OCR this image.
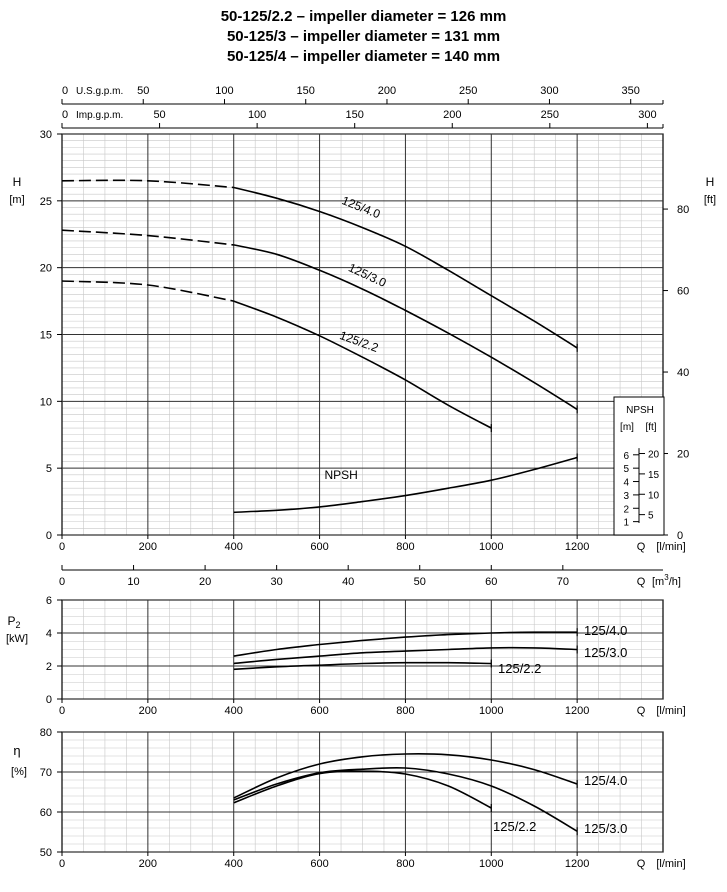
50-125/2.2 – impeller diameter = 126 mm
50-125/3 – impeller diameter = 131 mm
50-125/4 – impeller diameter = 140 mm
0
5
10
15
20
25
30
H
[m]
0
20
40
60
80
H
[ft]
0	200	400	600	800	1000	1200	Q [l/min]
0	50	100	150	200	250	300	350
U.S.g.p.m.
0	50	100	150	200	250	300
Imp.g.p.m.
125/4.0
125/3.0
125/2.2
NPSH
NPSH
[m] [ft]
1
2
3
4
5
6
5
10
15
20
0	10	20	30	40	50	60	70	Q $[m^3/h]$
0
2
4
6
$P_2$
[kW]
0	200	400	600	800	1000	1200	Q [l/min]
125/4.0
125/3.0
125/2.2
50
60
70
80
η
[%]
0	200	400	600	800	1000	1200	Q [l/min]
125/4.0
125/3.0
125/2.2
